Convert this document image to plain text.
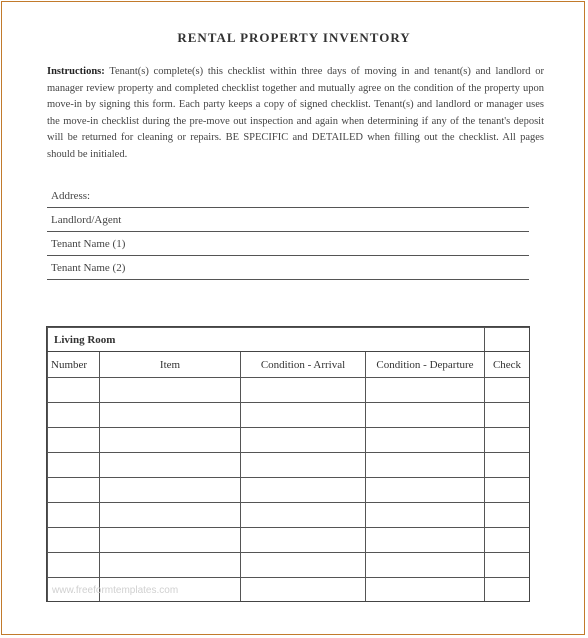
RENTAL PROPERTY INVENTORY
Instructions: Tenant(s) complete(s) this checklist within three days of moving in and tenant(s) and landlord or manager review property and completed checklist together and mutually agree on the condition of the property upon move-in by signing this form. Each party keeps a copy of signed checklist. Tenant(s) and landlord or manager uses the move-in checklist during the pre-move out inspection and again when determining if any of the tenant's deposit will be returned for cleaning or repairs. BE SPECIFIC and DETAILED when filling out the checklist. All pages should be initialed.
Address:
Landlord/Agent
Tenant Name (1)
Tenant Name (2)
Living Room				
Number	Item	Condition - Arrival	Condition - Departure	Check

www.freeformtemplates.com
